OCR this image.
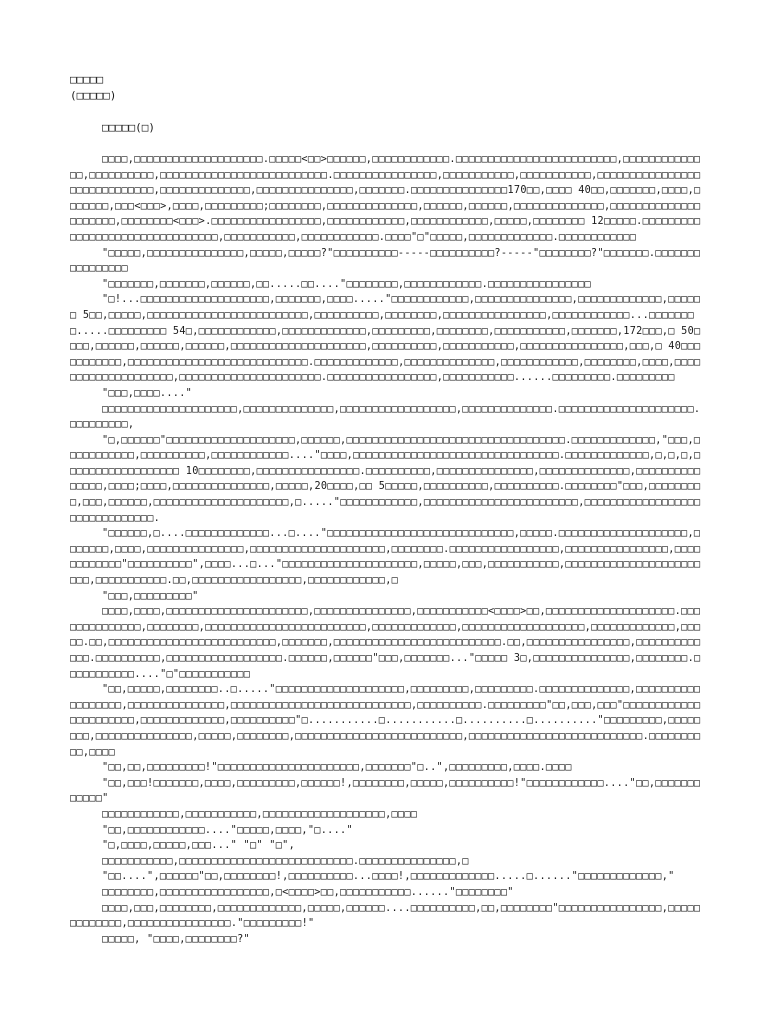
□□□□□
(□□□□□)
□□□□□(□)

□□□□,□□□□□□□□□□□□□□□□□□□□.□□□□□<□□>□□□□□□,□□□□□□□□□□□□.□□□□□□□□□□□□□□□□□□□□□□□□□,□□□□□□□□□□□□□□,□□□□□□□□□□,□□□□□□□□□□□□□□□□□□□□□□□□□□.□□□□□□□□□□□□□□□□,□□□□□□□□□□□,□□□□□□□□□□□,□□□□□□□□□□□□□□□□□□□□□□□□□□□□□,□□□□□□□□□□□□□□,□□□□□□□□□□□□□□□,□□□□□□□.□□□□□□□□□□□□□□□170□□,□□□□ 40□□,□□□□□□□,□□□□,□□□□□□□,□□□<□□□>,□□□□,□□□□□□□□□;□□□□□□□□,□□□□□□□□□□□□□□,□□□□□□,□□□□□□,□□□□□□□□□□□□□□,□□□□□□□□□□□□□□□□□□□□□,□□□□□□□□<□□□>.□□□□□□□□□□□□□□□□□,□□□□□□□□□□□□,□□□□□□□□□□□□,□□□□□,□□□□□□□□ 12□□□□□.□□□□□□□□□□□□□□□□□□□□□□□□□□□□□□□□,□□□□□□□□□□□,□□□□□□□□□□□□.□□□□"□"□□□□□,□□□□□□□□□□□□□.□□□□□□□□□□□□

"□□□□□,□□□□□□□□□□□□□□□,□□□□□,□□□□□?"□□□□□□□□□□-----□□□□□□□□□□?-----"□□□□□□□□?"□□□□□□□.□□□□□□□□□□□□□□□□

"□□□□□□□,□□□□□□□,□□□□□□,□□.....□□...."□□□□□□□□,□□□□□□□□□□□□.□□□□□□□□□□□□□□□□

"□!...□□□□□□□□□□□□□□□□□□□□,□□□□□□□,□□□□....."□□□□□□□□□□□□,□□□□□□□□□□□□□□□,□□□□□□□□□□□□□,□□□□□□ 5□□,□□□□□,□□□□□□□□□□□□□□□□□□□□□□□□□,□□□□□□□□□□,□□□□□□□□,□□□□□□□□□□□□□□□□,□□□□□□□□□□□□...□□□□□□□□.....□□□□□□□□□ 54□,□□□□□□□□□□□□,□□□□□□□□□□□□□,□□□□□□□□□,□□□□□□□□,□□□□□□□□□□□,□□□□□□□,172□□□,□ 50□□□□,□□□□□□,□□□□□□,□□□□□□,□□□□□□□□□□□□□□□□□□□□□,□□□□□□□□□□,□□□□□□□□□□□,□□□□□□□□□□□□□□□□,□□□,□ 40□□□□□□□□□□□,□□□□□□□□□□□□□□□□□□□□□□□□□□□□.□□□□□□□□□□□□□,□□□□□□□□□□□□□□,□□□□□□□□□□□□,□□□□□□□□,□□□□,□□□□□□□□□□□□□□□□□□□□,□□□□□□□□□□□□□□□□□□□□□□.□□□□□□□□□□□□□□□□□,□□□□□□□□□□□......□□□□□□□□□.□□□□□□□□□

"□□□,□□□□...."

□□□□□□□□□□□□□□□□□□□□□,□□□□□□□□□□□□□□,□□□□□□□□□□□□□□□□□□,□□□□□□□□□□□□□□.□□□□□□□□□□□□□□□□□□□□□.□□□□□□□□□,

"□,□□□□□□"□□□□□□□□□□□□□□□□□□□□,□□□□□□,□□□□□□□□□□□□□□□□□□□□□□□□□□□□□□□□□□.□□□□□□□□□□□□□,"□□□,□□□□□□□□□□□,□□□□□□□□□□,□□□□□□□□□□□□...."□□□□,□□□□□□□□□□□□□□□□□□□□□□□□□□□□□□□□.□□□□□□□□□□□□□,□,□,□,□□□□□□□□□□□□□□□□□□ 10□□□□□□□□,□□□□□□□□□□□□□□□□.□□□□□□□□□□,□□□□□□□□□□□□□□□,□□□□□□□□□□□□□□,□□□□□□□□□□□□□□□,□□□□;□□□□,□□□□□□□□□□□□□□□,□□□□□,20□□□□,□□ 5□□□□□,□□□□□□□□□□,□□□□□□□□□□.□□□□□□□□"□□□,□□□□□□□□□,□□□,□□□□□□,□□□□□□□□□□□□□□□□□□□□□,□....."□□□□□□□□□□□□,□□□□□□□□□□□□□□□□□□□□□□□□,□□□□□□□□□□□□□□□□□□□□□□□□□□□□□□□.

"□□□□□□,□....□□□□□□□□□□□□□...□...."□□□□□□□□□□□□□□□□□□□□□□□□□□□□□,□□□□□.□□□□□□□□□□□□□□□□□□□□,□□□□□□□,□□□□,□□□□□□□□□□□□□□□,□□□□□□□□□□□□□□□□□□□□□,□□□□□□□□.□□□□□□□□□□□□□□□□□,□□□□□□□□□□□□□□□□,□□□□□□□□□□□□"□□□□□□□□□□",□□□□...□..."□□□□□□□□□□□□□□□□□□□□□,□□□□□,□□□,□□□□□□□□□□□,□□□□□□□□□□□□□□□□□□□□□□□□,□□□□□□□□□□□.□□,□□□□□□□□□□□□□□□□□,□□□□□□□□□□□□,□

"□□□,□□□□□□□□□"

□□□□,□□□□,□□□□□□□□□□□□□□□□□□□□□□,□□□□□□□□□□□□□□□,□□□□□□□□□□□<□□□□>□□,□□□□□□□□□□□□□□□□□□□□.□□□□□□□□□□□□□□,□□□□□□□□,□□□□□□□□□□□□□□□□□□□□□□□□□,□□□□□□□□□□□□□,□□□□□□□□□□□□□□□□□□□,□□□□□□□□□□□□□,□□□□□.□□,□□□□□□□□□□□□□□□□□□□□□□□□□□,□□□□□□□,□□□□□□□□□□□□□□□□□□□□□□□□□□.□□,□□□□□□□□□□□□□□□□,□□□□□□□□□□□□□.□□□□□□□□□□,□□□□□□□□□□□□□□□□□□.□□□□□□,□□□□□□"□□□,□□□□□□□..."□□□□□ 3□,□□□□□□□□□□□□□□□,□□□□□□□□.□□□□□□□□□□□...."□"□□□□□□□□□□□

"□□,□□□□□,□□□□□□□□..□....."□□□□□□□□□□□□□□□□□□□□,□□□□□□□□□,□□□□□□□□□.□□□□□□□□□□□□□□,□□□□□□□□□□□□□□□□□□,□□□□□□□□□□□□□□□,□□□□□□□□□□□□□□□□□□□□□□□□□□□□,□□□□□□□□□□.□□□□□□□□□"□□,□□□,□□□"□□□□□□□□□□□□□□□□□□□□□□,□□□□□□□□□□□□□,□□□□□□□□□□"□...........□...........□..........□.........."□□□□□□□□□,□□□□□□□□,□□□□□□□□□□□□□□□,□□□□□,□□□□□□□□,□□□□□□□□□□□□□□□□□□□□□□□□□□,□□□□□□□□□□□□□□□□□□□□□□□□□□□.□□□□□□□□□□,□□□□

"□□,□□,□□□□□□□□□!"□□□□□□□□□□□□□□□□□□□□□□,□□□□□□□"□..",□□□□□□□□□,□□□□.□□□□

"□□,□□□!□□□□□□□,□□□□,□□□□□□□□□,□□□□□□!,□□□□□□□□,□□□□□,□□□□□□□□□□!"□□□□□□□□□□□□...."□□,□□□□□□□□□□□□"

□□□□□□□□□□□□,□□□□□□□□□□□,□□□□□□□□□□□□□□□□□□□,□□□□

"□□,□□□□□□□□□□□□...."□□□□□,□□□□,"□...."

"□,□□□□,□□□□□,□□□..." "□" "□",

□□□□□□□□□□□,□□□□□□□□□□□□□□□□□□□□□□□□□□□.□□□□□□□□□□□□□□□,□

"□□....",□□□□□□"□□,□□□□□□□□!,□□□□□□□□□□...□□□□!,□□□□□□□□□□□□□.....□......"□□□□□□□□□□□□□,"

□□□□□□□□,□□□□□□□□□□□□□□□□□,□<□□□□>□□,□□□□□□□□□□□......"□□□□□□□□"

□□□□,□□□,□□□□□□□□,□□□□□□□□□□□□□,□□□□□,□□□□□□....□□□□□□□□□□,□□,□□□□□□□□"□□□□□□□□□□□□□□□□,□□□□□□□□□□□□□,□□□□□□□□□□□□□□□□."□□□□□□□□□!"

□□□□□, "□□□□,□□□□□□□□?"
